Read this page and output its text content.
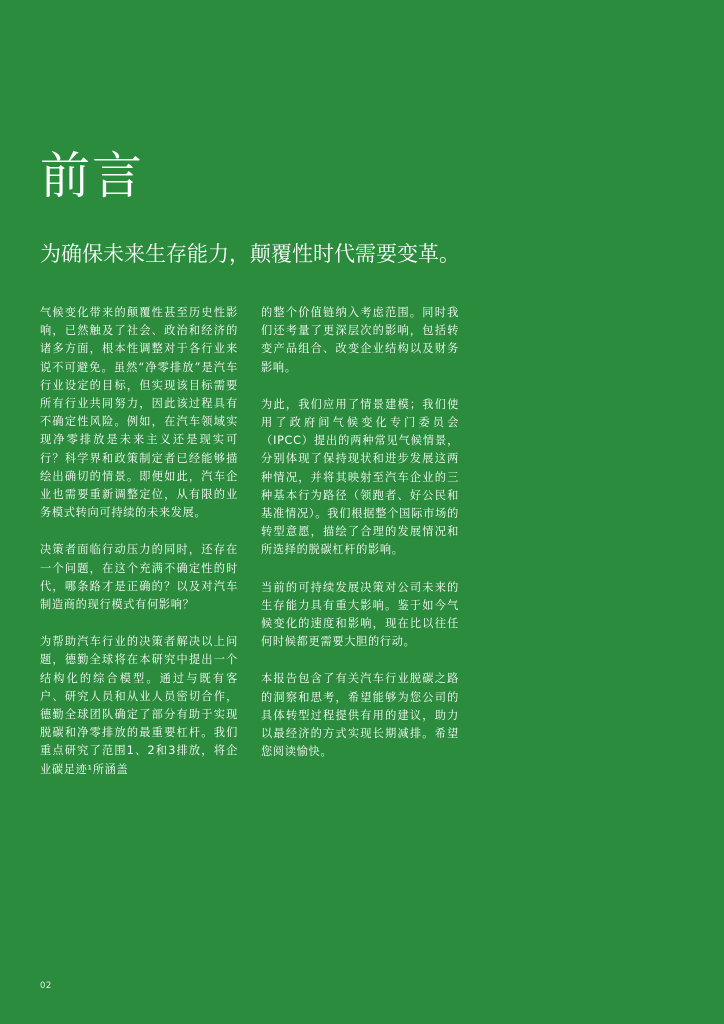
前言
为确保未来生存能力，颠覆性时代需要变革。

气候变化带来的颠覆性甚至历史性影响，已然触及了社会、政治和经济的诸多方面，根本性调整对于各行业来说不可避免。虽然“净零排放”是汽车行业设定的目标，但实现该目标需要所有行业共同努力，因此该过程具有不确定性风险。例如，在汽车领域实现净零排放是未来主义还是现实可行？科学界和政策制定者已经能够描绘出确切的情景。即便如此，汽车企业也需要重新调整定位，从有限的业务模式转向可持续的未来发展。

决策者面临行动压力的同时，还存在一个问题，在这个充满不确定性的时代，哪条路才是正确的？以及对汽车制造商的现行模式有何影响？

为帮助汽车行业的决策者解决以上问题，德勤全球将在本研究中提出一个结构化的综合模型。通过与既有客户、研究人员和从业人员密切合作，德勤全球团队确定了部分有助于实现脱碳和净零排放的最重要杠杆。我们重点研究了范围1、2和3排放，将企业碳足迹¹所涵盖

的整个价值链纳入考虑范围。同时我们还考量了更深层次的影响，包括转变产品组合、改变企业结构以及财务影响。

为此，我们应用了情景建模；我们使用了政府间气候变化专门委员会（IPCC）提出的两种常见气候情景，分别体现了保持现状和进步发展这两种情况，并将其映射至汽车企业的三种基本行为路径（领跑者、好公民和基准情况）。我们根据整个国际市场的转型意愿，描绘了合理的发展情况和所选择的脱碳杠杆的影响。

当前的可持续发展决策对公司未来的生存能力具有重大影响。鉴于如今气候变化的速度和影响，现在比以往任何时候都更需要大胆的行动。

本报告包含了有关汽车行业脱碳之路的洞察和思考，希望能够为您公司的具体转型过程提供有用的建议，助力以最经济的方式实现长期减排。希望您阅读愉快。

02
